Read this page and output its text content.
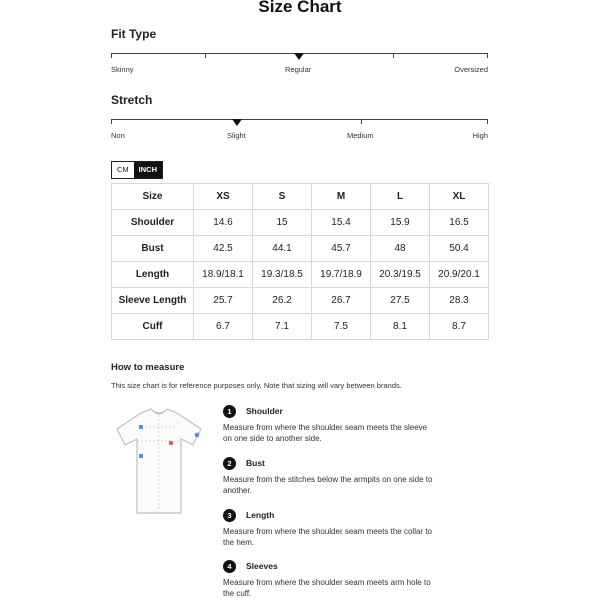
Size Chart
Fit Type
Skinny	Regular	Oversized
Stretch
Non	Slight	Medium	High
CM	INCH
Size	XS	S	M	L	XL
Shoulder	14.6	15	15.4	15.9	16.5
Bust	42.5	44.1	45.7	48	50.4
Length	18.9/18.1	19.3/18.5	19.7/18.9	20.3/19.5	20.9/20.1
Sleeve Length	25.7	26.2	26.7	27.5	28.3
Cuff	6.7	7.1	7.5	8.1	8.7
How to measure
This size chart is for reference purposes only. Note that sizing will vary between brands.
1	Shoulder
Measure from where the shoulder seam meets the sleeve on one side to another side.
2	Bust
Measure from the stitches below the armpits on one side to another.
3	Length
Measure from where the shoulder seam meets the collar to the hem.
4	Sleeves
Measure from where the shoulder seam meets arm hole to the cuff.
